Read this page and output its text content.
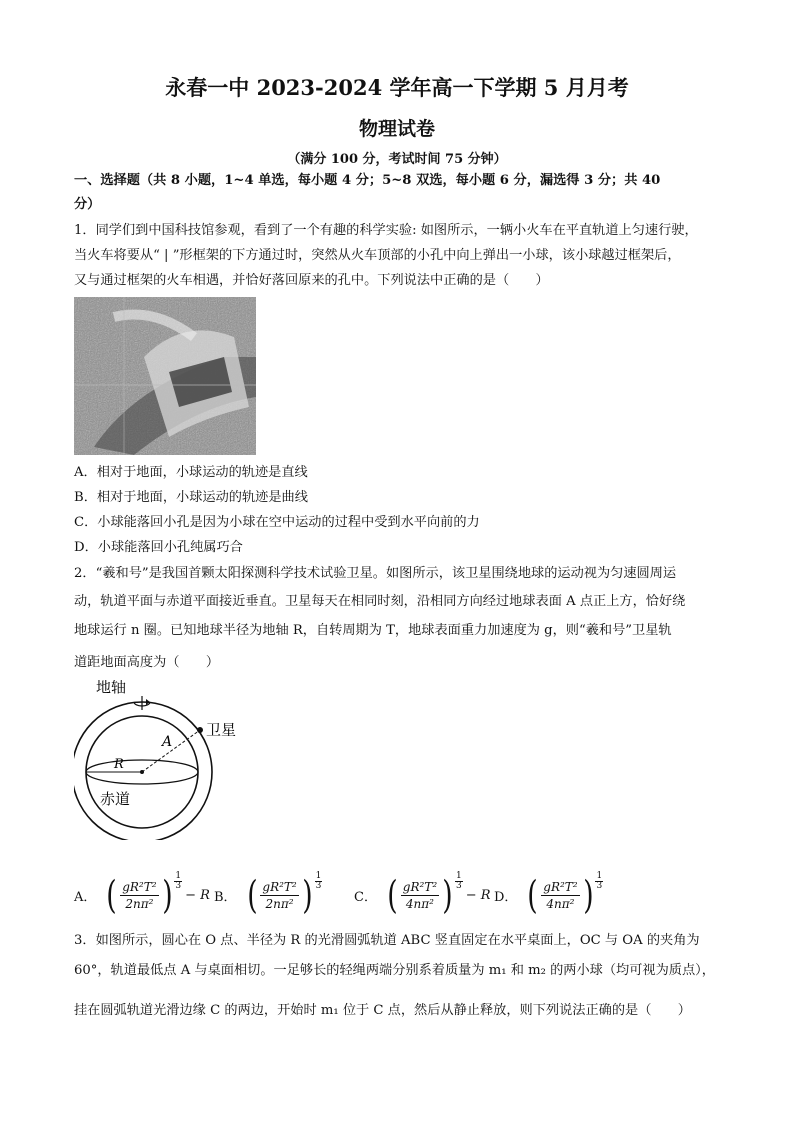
永春一中 2023-2024 学年高一下学期 5 月月考
物理试卷
（满分 100 分，考试时间 75 分钟）
一、选择题（共 8 小题，1~4 单选，每小题 4 分；5~8 双选，每小题 6 分，漏选得 3 分；共 40
分）
1．同学们到中国科技馆参观，看到了一个有趣的科学实验: 如图所示，一辆小火车在平直轨道上匀速行驶，
当火车将要从“ | ”形框架的下方通过时，突然从火车顶部的小孔中向上弹出一小球，该小球越过框架后，
又与通过框架的火车相遇，并恰好落回原来的孔中。下列说法中正确的是（　　）
A．相对于地面，小球运动的轨迹是直线
B．相对于地面，小球运动的轨迹是曲线
C．小球能落回小孔是因为小球在空中运动的过程中受到水平向前的力
D．小球能落回小孔纯属巧合
2．“羲和号”是我国首颗太阳探测科学技术试验卫星。如图所示，该卫星围绕地球的运动视为匀速圆周运
动，轨道平面与赤道平面接近垂直。卫星每天在相同时刻，沿相同方向经过地球表面 A 点正上方，恰好绕
地球运行 n 圈。已知地球半径为地轴 R，自转周期为 T，地球表面重力加速度为 g，则“羲和号”卫星轨
道距地面高度为（　　）
地轴
卫星
赤道
A
R
A． ( $\frac{\text{gR²T²}}{\text{2nπ²}}$ ) 1
3
− R B． ( $\frac{\text{gR²T²}}{\text{2nπ²}}$ ) 1
3
C． ( $\frac{\text{gR²T²}}{\text{4nπ²}}$ ) 1
3
− R D． ( $\frac{\text{gR²T²}}{\text{4nπ²}}$ ) 1
3
3．如图所示，圆心在 O 点、半径为 R 的光滑圆弧轨道 ABC 竖直固定在水平桌面上，OC 与 OA 的夹角为
60°，轨道最低点 A 与桌面相切。一足够长的轻绳两端分别系着质量为 m₁ 和 m₂ 的两小球（均可视为质点），
挂在圆弧轨道光滑边缘 C 的两边，开始时 m₁ 位于 C 点，然后从静止释放，则下列说法正确的是（　　）
